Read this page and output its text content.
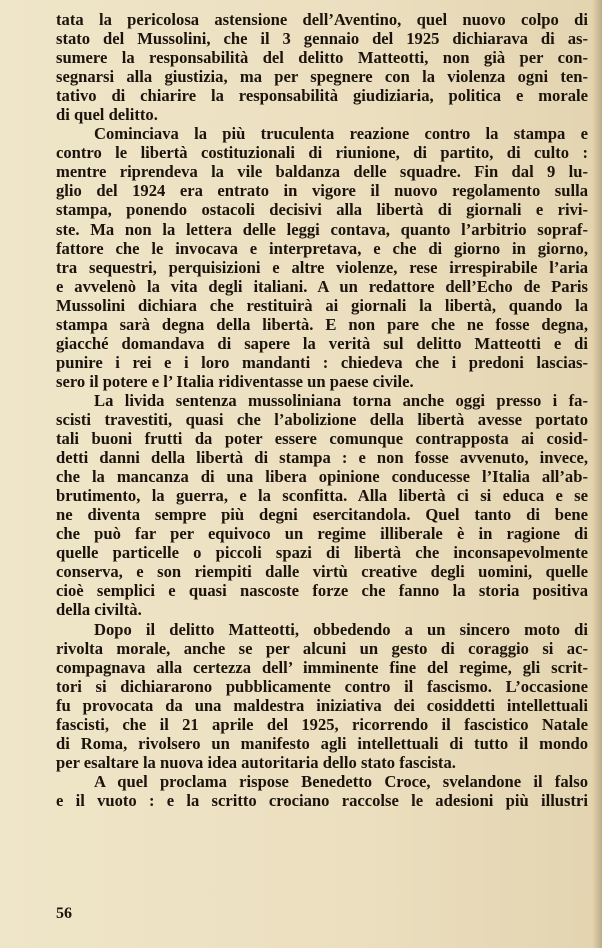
tata la pericolosa astensione dell’Aventino, quel nuovo colpo di
stato del Mussolini, che il 3 gennaio del 1925 dichiarava di as-
sumere la responsabilità del delitto Matteotti, non già per con-
segnarsi alla giustizia, ma per spegnere con la violenza ogni ten-
tativo di chiarire la responsabilità giudiziaria, politica e morale
di quel delitto.
Cominciava la più truculenta reazione contro la stampa e
contro le libertà costituzionali di riunione, di partito, di culto :
mentre riprendeva la vile baldanza delle squadre. Fin dal 9 lu-
glio del 1924 era entrato in vigore il nuovo regolamento sulla
stampa, ponendo ostacoli decisivi alla libertà di giornali e rivi-
ste. Ma non la lettera delle leggi contava, quanto l’arbitrio sopraf-
fattore che le invocava e interpretava, e che di giorno in giorno,
tra sequestri, perquisizioni e altre violenze, rese irrespirabile l’aria
e avvelenò la vita degli italiani. A un redattore dell’Echo de Paris
Mussolini dichiara che restituirà ai giornali la libertà, quando la
stampa sarà degna della libertà. E non pare che ne fosse degna,
giacché domandava di sapere la verità sul delitto Matteotti e di
punire i rei e i loro mandanti : chiedeva che i predoni lascias-
sero il potere e l’ Italia ridiventasse un paese civile.
La livida sentenza mussoliniana torna anche oggi presso i fa-
scisti travestiti, quasi che l’abolizione della libertà avesse portato
tali buoni frutti da poter essere comunque contrapposta ai cosid-
detti danni della libertà di stampa : e non fosse avvenuto, invece,
che la mancanza di una libera opinione conducesse l’Italia all’ab-
brutimento, la guerra, e la sconfitta. Alla libertà ci si educa e se
ne diventa sempre più degni esercitandola. Quel tanto di bene
che può far per equivoco un regime illiberale è in ragione di
quelle particelle o piccoli spazi di libertà che inconsapevolmente
conserva, e son riempiti dalle virtù creative degli uomini, quelle
cioè semplici e quasi nascoste forze che fanno la storia positiva
della civiltà.
Dopo il delitto Matteotti, obbedendo a un sincero moto di
rivolta morale, anche se per alcuni un gesto di coraggio si ac-
compagnava alla certezza dell’ imminente fine del regime, gli scrit-
tori si dichiararono pubblicamente contro il fascismo. L’occasione
fu provocata da una maldestra iniziativa dei cosiddetti intellettuali
fascisti, che il 21 aprile del 1925, ricorrendo il fascistico Natale
di Roma, rivolsero un manifesto agli intellettuali di tutto il mondo
per esaltare la nuova idea autoritaria dello stato fascista.
A quel proclama rispose Benedetto Croce, svelandone il falso
e il vuoto : e la scritto crociano raccolse le adesioni più illustri
56
